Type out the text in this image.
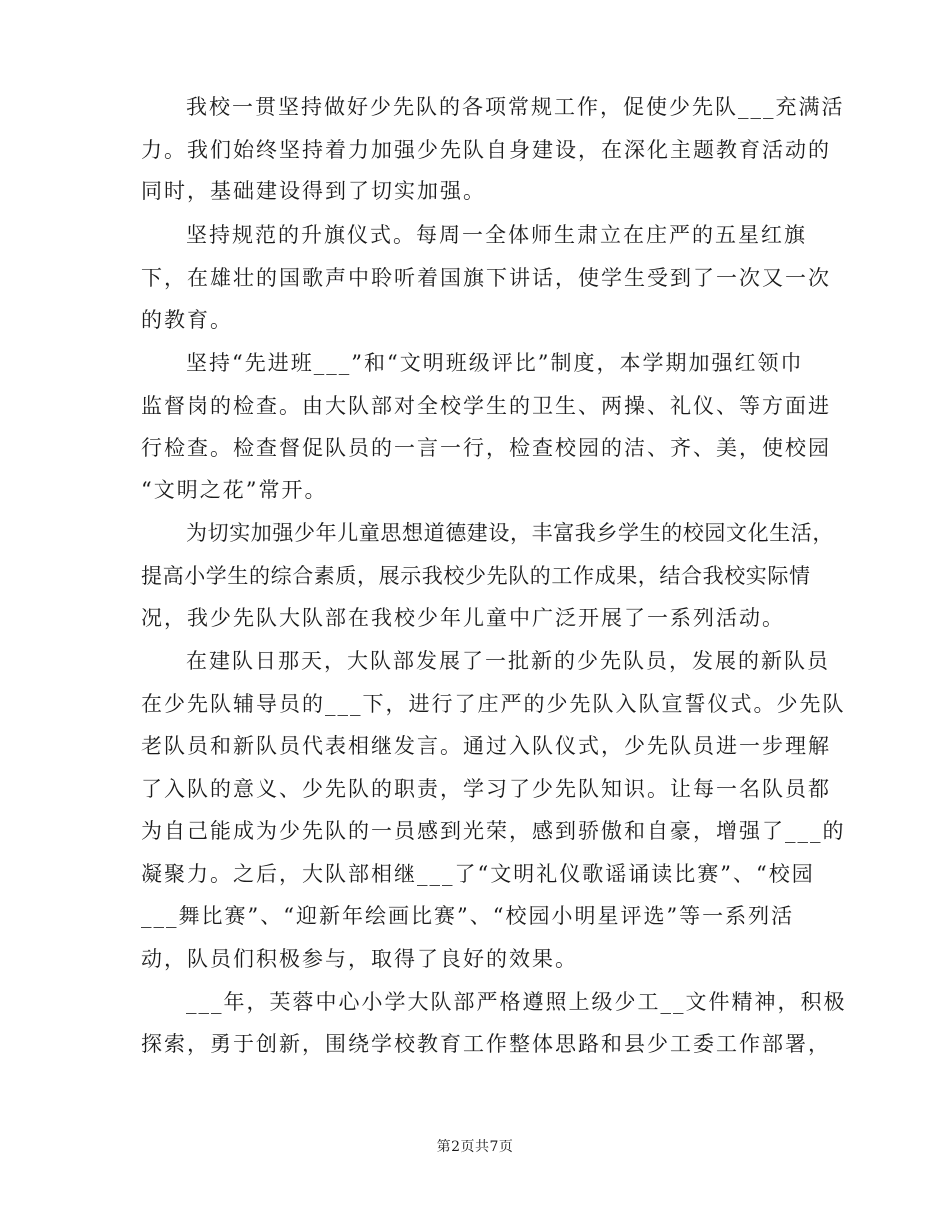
我校一贯坚持做好少先队的各项常规工作，促使少先队___充满活
力。我们始终坚持着力加强少先队自身建设，在深化主题教育活动的
同时，基础建设得到了切实加强。
坚持规范的升旗仪式。每周一全体师生肃立在庄严的五星红旗
下，在雄壮的国歌声中聆听着国旗下讲话，使学生受到了一次又一次
的教育。
坚持“先进班___”和“文明班级评比”制度，本学期加强红领巾
监督岗的检查。由大队部对全校学生的卫生、两操、礼仪、等方面进
行检查。检查督促队员的一言一行，检查校园的洁、齐、美，使校园
“文明之花”常开。
为切实加强少年儿童思想道德建设，丰富我乡学生的校园文化生活，
提高小学生的综合素质，展示我校少先队的工作成果，结合我校实际情
况，我少先队大队部在我校少年儿童中广泛开展了一系列活动。
在建队日那天，大队部发展了一批新的少先队员，发展的新队员
在少先队辅导员的___下，进行了庄严的少先队入队宣誓仪式。少先队
老队员和新队员代表相继发言。通过入队仪式，少先队员进一步理解
了入队的意义、少先队的职责，学习了少先队知识。让每一名队员都
为自己能成为少先队的一员感到光荣，感到骄傲和自豪，增强了___的
凝聚力。之后，大队部相继___了“文明礼仪歌谣诵读比赛”、“校园
___舞比赛”、“迎新年绘画比赛”、“校园小明星评选”等一系列活
动，队员们积极参与，取得了良好的效果。
___年，芙蓉中心小学大队部严格遵照上级少工__文件精神，积极
探索，勇于创新，围绕学校教育工作整体思路和县少工委工作部署，
第2页共7页
